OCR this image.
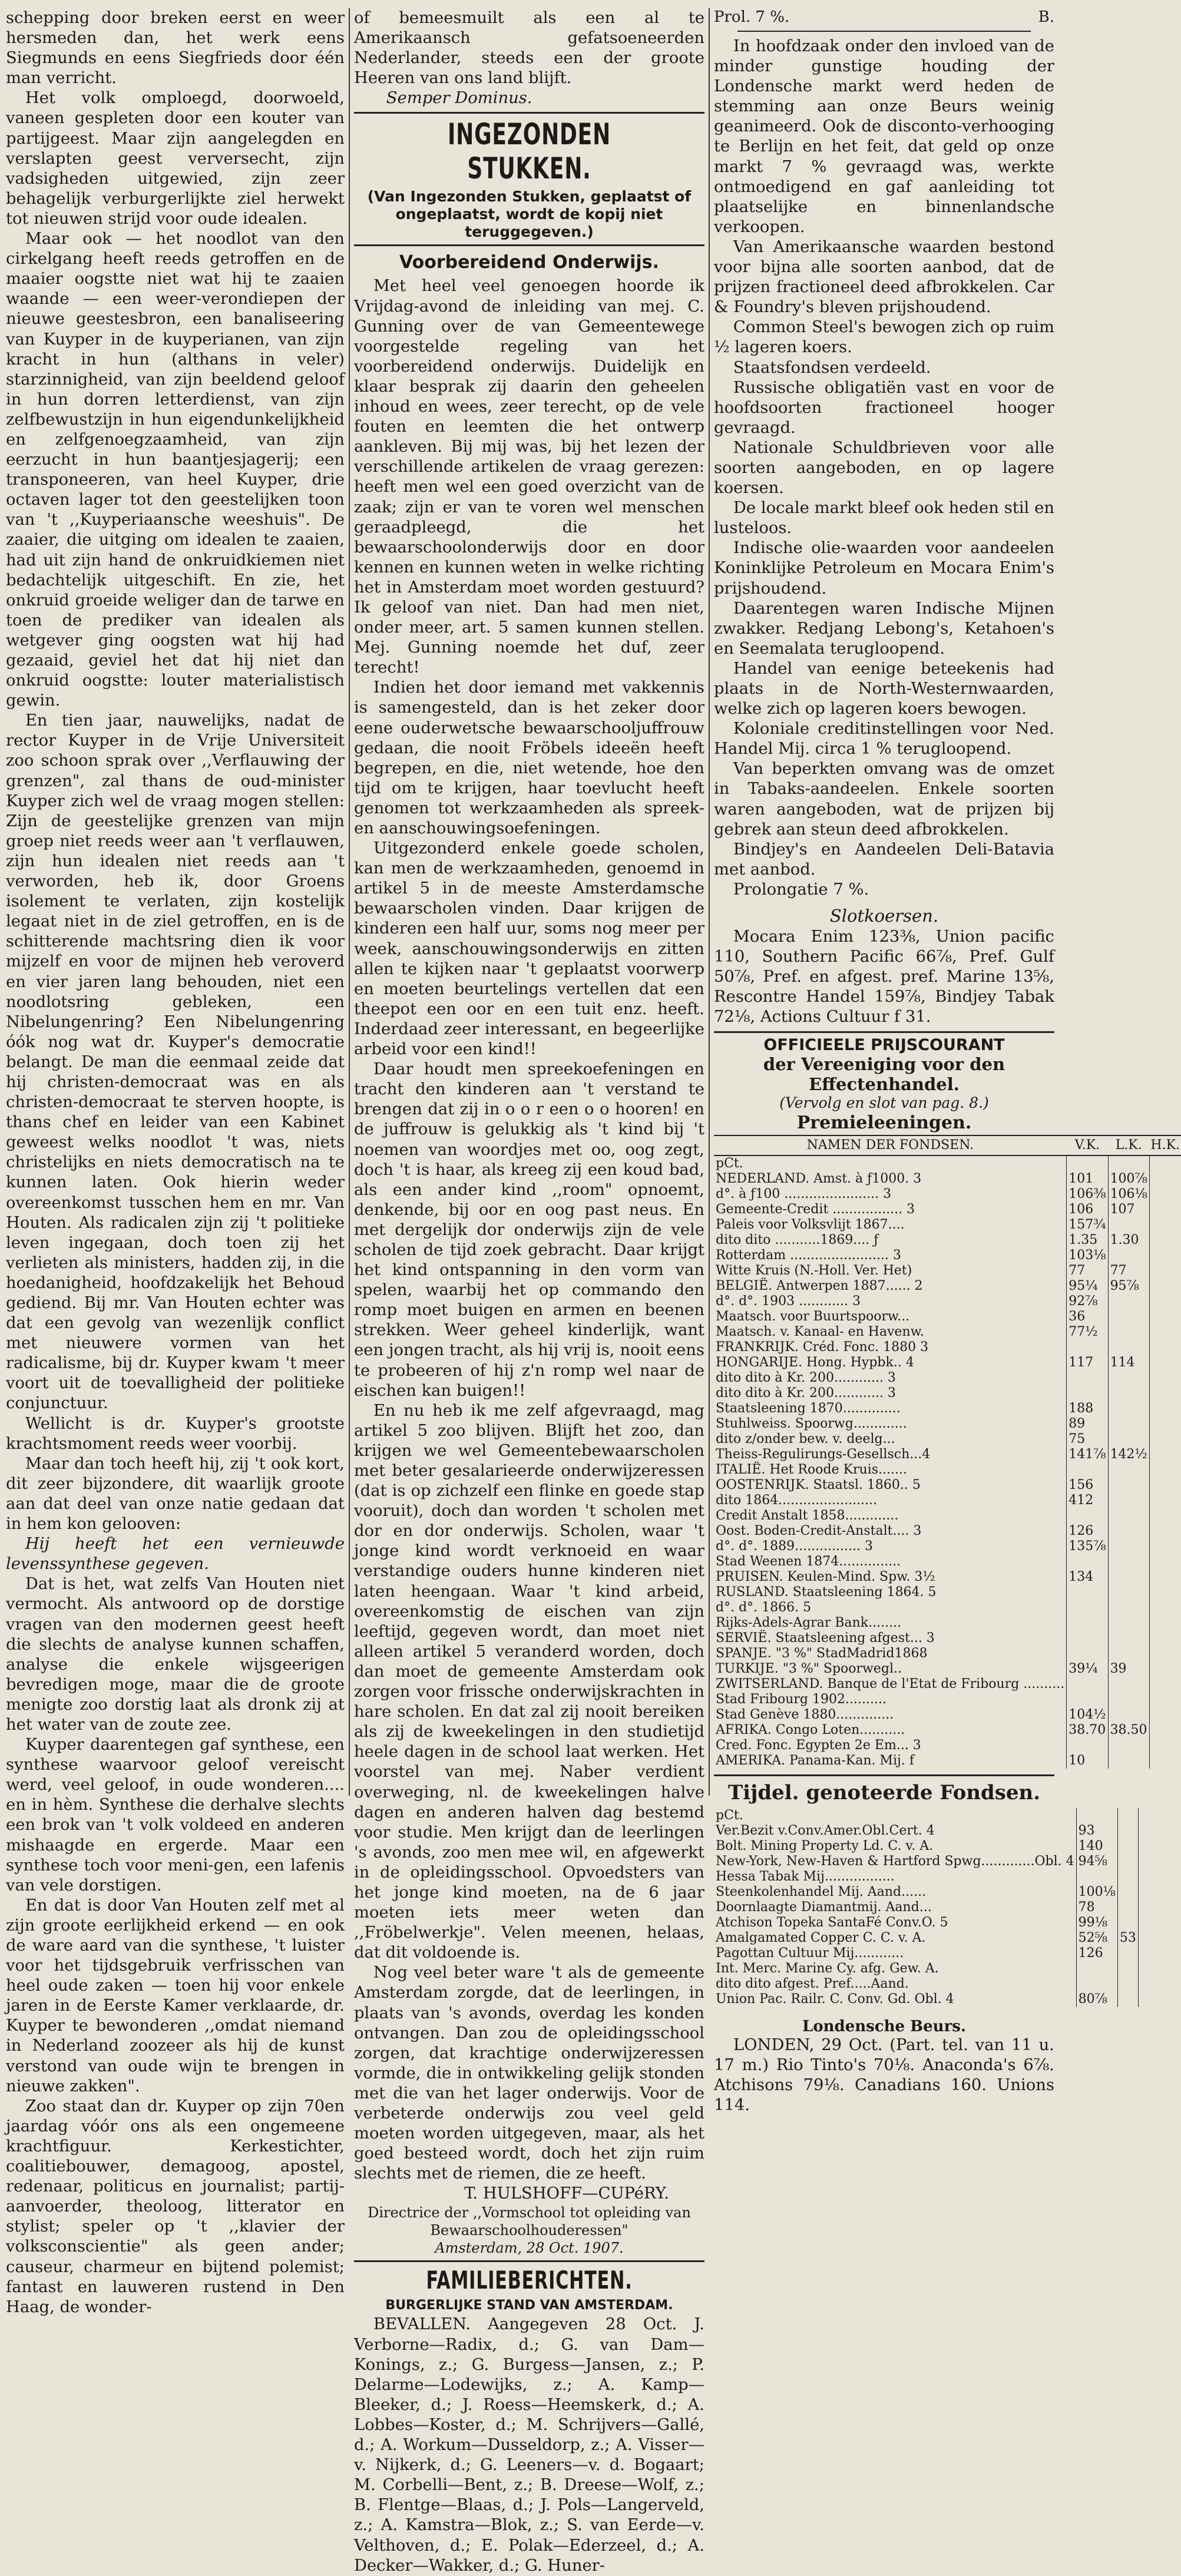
schepping door breken eerst en weer hersmeden dan, het werk eens Siegmunds en eens Siegfrieds door één man verricht.

Het volk omploegd, doorwoeld, vaneen gespleten door een kouter van partijgeest. Maar zijn aangelegden en verslapten geest verversecht, zijn vadsigheden uitgewied, zijn zeer behagelijk verburgerlijkte ziel herwekt tot nieuwen strijd voor oude idealen.

Maar ook — het noodlot van den cirkelgang heeft reeds getroffen en de maaier oogstte niet wat hij te zaaien waande — een weer-verondiepen der nieuwe geestesbron, een banaliseering van Kuyper in de kuyperianen, van zijn kracht in hun (althans in veler) starzinnigheid, van zijn beeldend geloof in hun dorren letterdienst, van zijn zelfbewustzijn in hun eigendunkelijkheid en zelfgenoegzaamheid, van zijn eerzucht in hun baantjesjagerij; een transponeeren, van heel Kuyper, drie octaven lager tot den geestelijken toon van 't ,,Kuyperiaansche weeshuis". De zaaier, die uitging om idealen te zaaien, had uit zijn hand de onkruidkiemen niet bedachtelijk uitgeschift. En zie, het onkruid groeide weliger dan de tarwe en toen de prediker van idealen als wetgever ging oogsten wat hij had gezaaid, geviel het dat hij niet dan onkruid oogstte: louter materialistisch gewin.

En tien jaar, nauwelijks, nadat de rector Kuyper in de Vrije Universiteit zoo schoon sprak over ,,Verflauwing der grenzen", zal thans de oud-minister Kuyper zich wel de vraag mogen stellen: Zijn de geestelijke grenzen van mijn groep niet reeds weer aan 't verflauwen, zijn hun idealen niet reeds aan 't verworden, heb ik, door Groens isolement te verlaten, zijn kostelijk legaat niet in de ziel getroffen, en is de schitterende machtsring dien ik voor mijzelf en voor de mijnen heb veroverd en vier jaren lang behouden, niet een noodlotsring gebleken, een Nibelungenring? Een Nibelungenring óók nog wat dr. Kuyper's democratie belangt. De man die eenmaal zeide dat hij christen-democraat was en als christen-democraat te sterven hoopte, is thans chef en leider van een Kabinet geweest welks noodlot 't was, niets christelijks en niets democratisch na te kunnen laten. Ook hierin weder overeenkomst tusschen hem en mr. Van Houten. Als radicalen zijn zij 't politieke leven ingegaan, doch toen zij het verlieten als ministers, hadden zij, in die hoedanigheid, hoofdzakelijk het Behoud gediend. Bij mr. Van Houten echter was dat een gevolg van wezenlijk conflict met nieuwere vormen van het radicalisme, bij dr. Kuyper kwam 't meer voort uit de toevalligheid der politieke conjunctuur.

Wellicht is dr. Kuyper's grootste krachtsmoment reeds weer voorbij.

Maar dan toch heeft hij, zij 't ook kort, dit zeer bijzondere, dit waarlijk groote aan dat deel van onze natie gedaan dat in hem kon gelooven:

Hij heeft het een vernieuwde levenssynthese gegeven.

Dat is het, wat zelfs Van Houten niet vermocht. Als antwoord op de dorstige vragen van den modernen geest heeft die slechts de analyse kunnen schaffen, analyse die enkele wijsgeerigen bevredigen moge, maar die de groote menigte zoo dorstig laat als dronk zij at het water van de zoute zee.

Kuyper daarentegen gaf synthese, een synthese waarvoor geloof vereischt werd, veel geloof, in oude wonderen.... en in hèm. Synthese die derhalve slechts een brok van 't volk voldeed en anderen mishaagde en ergerde. Maar een synthese toch voor meni-gen, een lafenis van vele dorstigen.

En dat is door Van Houten zelf met al zijn groote eerlijkheid erkend — en ook de ware aard van die synthese, 't luister voor het tijdsgebruik verfrisschen van heel oude zaken — toen hij voor enkele jaren in de Eerste Kamer verklaarde, dr. Kuyper te bewonderen ,,omdat niemand in Nederland zoozeer als hij de kunst verstond van oude wijn te brengen in nieuwe zakken".

Zoo staat dan dr. Kuyper op zijn 70en jaardag vóór ons als een ongemeene krachtfiguur. Kerkestichter, coalitiebouwer, demagoog, apostel, redenaar, politicus en journalist; partij-aanvoerder, theoloog, litterator en stylist; speler op 't ,,klavier der volksconscientie" als geen ander; causeur, charmeur en bijtend polemist; fantast en lauweren rustend in Den Haag, de wonder-

of bemeesmuilt als een al te Amerikaansch gefatsoeneerden Nederlander, steeds een der groote Heeren van ons land blijft.

Semper Dominus.

INGEZONDEN STUKKEN.
(Van Ingezonden Stukken, geplaatst of ongeplaatst, wordt de kopij niet teruggegeven.)
Voorbereidend Onderwijs.

Met heel veel genoegen hoorde ik Vrijdag-avond de inleiding van mej. C. Gunning over de van Gemeentewege voorgestelde regeling van het voorbereidend onderwijs. Duidelijk en klaar besprak zij daarin den geheelen inhoud en wees, zeer terecht, op de vele fouten en leemten die het ontwerp aankleven. Bij mij was, bij het lezen der verschillende artikelen de vraag gerezen: heeft men wel een goed overzicht van de zaak; zijn er van te voren wel menschen geraadpleegd, die het bewaarschoolonderwijs door en door kennen en kunnen weten in welke richting het in Amsterdam moet worden gestuurd? Ik geloof van niet. Dan had men niet, onder meer, art. 5 samen kunnen stellen. Mej. Gunning noemde het duf, zeer terecht!

Indien het door iemand met vakkennis is samengesteld, dan is het zeker door eene ouderwetsche bewaarschooljuffrouw gedaan, die nooit Fröbels ideeën heeft begrepen, en die, niet wetende, hoe den tijd om te krijgen, haar toevlucht heeft genomen tot werkzaamheden als spreek- en aanschouwingsoefeningen.

Uitgezonderd enkele goede scholen, kan men de werkzaamheden, genoemd in artikel 5 in de meeste Amsterdamsche bewaarscholen vinden. Daar krijgen de kinderen een half uur, soms nog meer per week, aanschouwingsonderwijs en zitten allen te kijken naar 't geplaatst voorwerp en moeten beurtelings vertellen dat een theepot een oor en een tuit enz. heeft. Inderdaad zeer interessant, en begeerlijke arbeid voor een kind!!

Daar houdt men spreekoefeningen en tracht den kinderen aan 't verstand te brengen dat zij in o o r een o o hooren! en de juffrouw is gelukkig als 't kind bij 't noemen van woordjes met oo, oog zegt, doch 't is haar, als kreeg zij een koud bad, als een ander kind ,,room" opnoemt, denkende, bij oor en oog past neus. En met dergelijk dor onderwijs zijn de vele scholen de tijd zoek gebracht. Daar krijgt het kind ontspanning in den vorm van spelen, waarbij het op commando den romp moet buigen en armen en beenen strekken. Weer geheel kinderlijk, want een jongen tracht, als hij vrij is, nooit eens te probeeren of hij z'n romp wel naar de eischen kan buigen!!

En nu heb ik me zelf afgevraagd, mag artikel 5 zoo blijven. Blijft het zoo, dan krijgen we wel Gemeentebewaarscholen met beter gesalarieerde onderwijzeressen (dat is op zichzelf een flinke en goede stap vooruit), doch dan worden 't scholen met dor en dor onderwijs. Scholen, waar 't jonge kind wordt verknoeid en waar verstandige ouders hunne kinderen niet laten heengaan. Waar 't kind arbeid, overeenkomstig de eischen van zijn leeftijd, gegeven wordt, dan moet niet alleen artikel 5 veranderd worden, doch dan moet de gemeente Amsterdam ook zorgen voor frissche onderwijskrachten in hare scholen. En dat zal zij nooit bereiken als zij de kweekelingen in den studietijd heele dagen in de school laat werken. Het voorstel van mej. Naber verdient overweging, nl. de kweekelingen halve dagen en anderen halven dag bestemd voor studie. Men krijgt dan de leerlingen 's avonds, zoo men mee wil, en afgewerkt in de opleidingsschool. Opvoedsters van het jonge kind moeten, na de 6 jaar moeten iets meer weten dan ,,Fröbelwerkje". Velen meenen, helaas, dat dit voldoende is.

Nog veel beter ware 't als de gemeente Amsterdam zorgde, dat de leerlingen, in plaats van 's avonds, overdag les konden ontvangen. Dan zou de opleidingsschool zorgen, dat krachtige onderwijzeressen vormde, die in ontwikkeling gelijk stonden met die van het lager onderwijs. Voor de verbeterde onderwijs zou veel geld moeten worden uitgegeven, maar, als het goed besteed wordt, doch het zijn ruim slechts met de riemen, die ze heeft.

T. HULSHOFF—CUPéRY.

Directrice der ,,Vormschool tot opleiding van Bewaarschoolhouderessen"

Amsterdam, 28 Oct. 1907.

FAMILIEBERICHTEN.
BURGERLIJKE STAND VAN AMSTERDAM.

BEVALLEN. Aangegeven 28 Oct. J. Verborne—Radix, d.; G. van Dam—Konings, z.; G. Burgess—Jansen, z.; P. Delarme—Lodewijks, z.; A. Kamp—Bleeker, d.; J. Roess—Heemskerk, d.; A. Lobbes—Koster, d.; M. Schrijvers—Gallé, d.; A. Workum—Dusseldorp, z.; A. Visser—v. Nijkerk, d.; G. Leeners—v. d. Bogaart; M. Corbelli—Bent, z.; B. Dreese—Wolf, z.; B. Flentge—Blaas, d.; J. Pols—Langerveld, z.; A. Kamstra—Blok, z.; S. van Eerde—v. Velthoven, d.; E. Polak—Ederzeel, d.; A. Decker—Wakker, d.; G. Huner-

Prol. 7 %.	B.

In hoofdzaak onder den invloed van de minder gunstige houding der Londensche markt werd heden de stemming aan onze Beurs weinig geanimeerd. Ook de disconto-verhooging te Berlijn en het feit, dat geld op onze markt 7 % gevraagd was, werkte ontmoedigend en gaf aanleiding tot plaatselijke en binnenlandsche verkoopen.

Van Amerikaansche waarden bestond voor bijna alle soorten aanbod, dat de prijzen fractioneel deed afbrokkelen. Car & Foundry's bleven prijshoudend.

Common Steel's bewogen zich op ruim ½ lageren koers.

Staatsfondsen verdeeld.

Russische obligatiën vast en voor de hoofdsoorten fractioneel hooger gevraagd.

Nationale Schuldbrieven voor alle soorten aangeboden, en op lagere koersen.

De locale markt bleef ook heden stil en lusteloos.

Indische olie-waarden voor aandeelen Koninklijke Petroleum en Mocara Enim's prijshoudend.

Daarentegen waren Indische Mijnen zwakker. Redjang Lebong's, Ketahoen's en Seemalata terugloopend.

Handel van eenige beteekenis had plaats in de North-Westernwaarden, welke zich op lageren koers bewogen.

Koloniale creditinstellingen voor Ned. Handel Mij. circa 1 % terugloopend.

Van beperkten omvang was de omzet in Tabaks-aandeelen. Enkele soorten waren aangeboden, wat de prijzen bij gebrek aan steun deed afbrokkelen.

Bindjey's en Aandeelen Deli-Batavia met aanbod.

Prolongatie 7 %.

Slotkoersen.

Mocara Enim 123⅜, Union pacific 110, Southern Pacific 66⅞, Pref. Gulf 50⅞, Pref. en afgest. pref. Marine 13⅝, Rescontre Handel 159⅞, Bindjey Tabak 72⅛, Actions Cultuur f 31.

OFFICIEELE PRIJSCOURANT
der Vereeniging voor den Effectenhandel.
(Vervolg en slot van pag. 8.)
Premieleeningen.
NAMEN DER FONDSEN.	V.K.	L.K.	H.K.
pCt.			
NEDERLAND. Amst. à ƒ1000. 3	101	100⅞	
d°. à ƒ100 ....................... 3	106⅜	106⅛	
Gemeente-Credit ................. 3	106	107	
Paleis voor Volksvlijt 1867....	157¾		
dito dito ...........1869.... ƒ	1.35	1.30	
Rotterdam ........................ 3	103⅛		
Witte Kruis (N.-Holl. Ver. Het)	77	77	
BELGIË. Antwerpen 1887...... 2	95¼	95⅞	
d°. d°. 1903 ............ 3	92⅞		
Maatsch. voor Buurtspoorw...	36		
Maatsch. v. Kanaal- en Havenw.	77½		
FRANKRIJK. Créd. Fonc. 1880 3			
HONGARIJE. Hong. Hypbk.. 4	117	114	
dito dito à Kr. 200............ 3			
dito dito à Kr. 200............ 3			
Staatsleening 1870..............	188		
Stuhlweiss. Spoorwg.............	89		
dito z/onder bew. v. deelg...	75		
Theiss-Regulirungs-Gesellsch...4	141⅞	142½	
ITALIË. Het Roode Kruis.......			
OOSTENRIJK. Staatsl. 1860.. 5	156		
dito 1864........................	412		
Credit Anstalt 1858.............			
Oost. Boden-Credit-Anstalt.... 3	126		
d°. d°. 1889................ 3	135⅞		
Stad Weenen 1874...............			
PRUISEN. Keulen-Mind. Spw. 3½	134		
RUSLAND. Staatsleening 1864. 5			
d°. d°. 1866. 5			
Rijks-Adels-Agrar Bank........			
SERVIË. Staatsleening afgest... 3			
SPANJE. "3 %" StadMadrid1868			
TURKIJE. "3 %" Spoorwegl..	39¼	39	
ZWITSERLAND. Banque de l'Etat de Fribourg ..........			
Stad Fribourg 1902..........			
Stad Genève 1880..............	104½		
AFRIKA. Congo Loten...........	38.70	38.50	
Cred. Fonc. Egypten 2e Em... 3			
AMERIKA. Panama-Kan. Mij. f	10		
Tijdel. genoteerde Fondsen.
pCt.			
Ver.Bezit v.Conv.Amer.Obl.Cert. 4	93		
Bolt. Mining Property Ld. C. v. A.	140		
New-York, New-Haven & Hartford Spwg.............Obl. 4	94⅝		
Hessa Tabak Mij.................			
Steenkolenhandel Mij. Aand......	100⅛		
Doornlaagte Diamantmij. Aand...	78		
Atchison Topeka SantaFé Conv.O. 5	99⅛		
Amalgamated Copper C. C. v. A.	52⅝	53	
Pagottan Cultuur Mij............	126		
Int. Merc. Marine Cy. afg. Gew. A.			
dito dito afgest. Pref.....Aand.			
Union Pac. Railr. C. Conv. Gd. Obl. 4	80⅞		
Londensche Beurs.

LONDEN, 29 Oct. (Part. tel. van 11 u. 17 m.) Rio Tinto's 70⅛. Anaconda's 6⅞. Atchisons 79⅛. Canadians 160. Unions 114.
